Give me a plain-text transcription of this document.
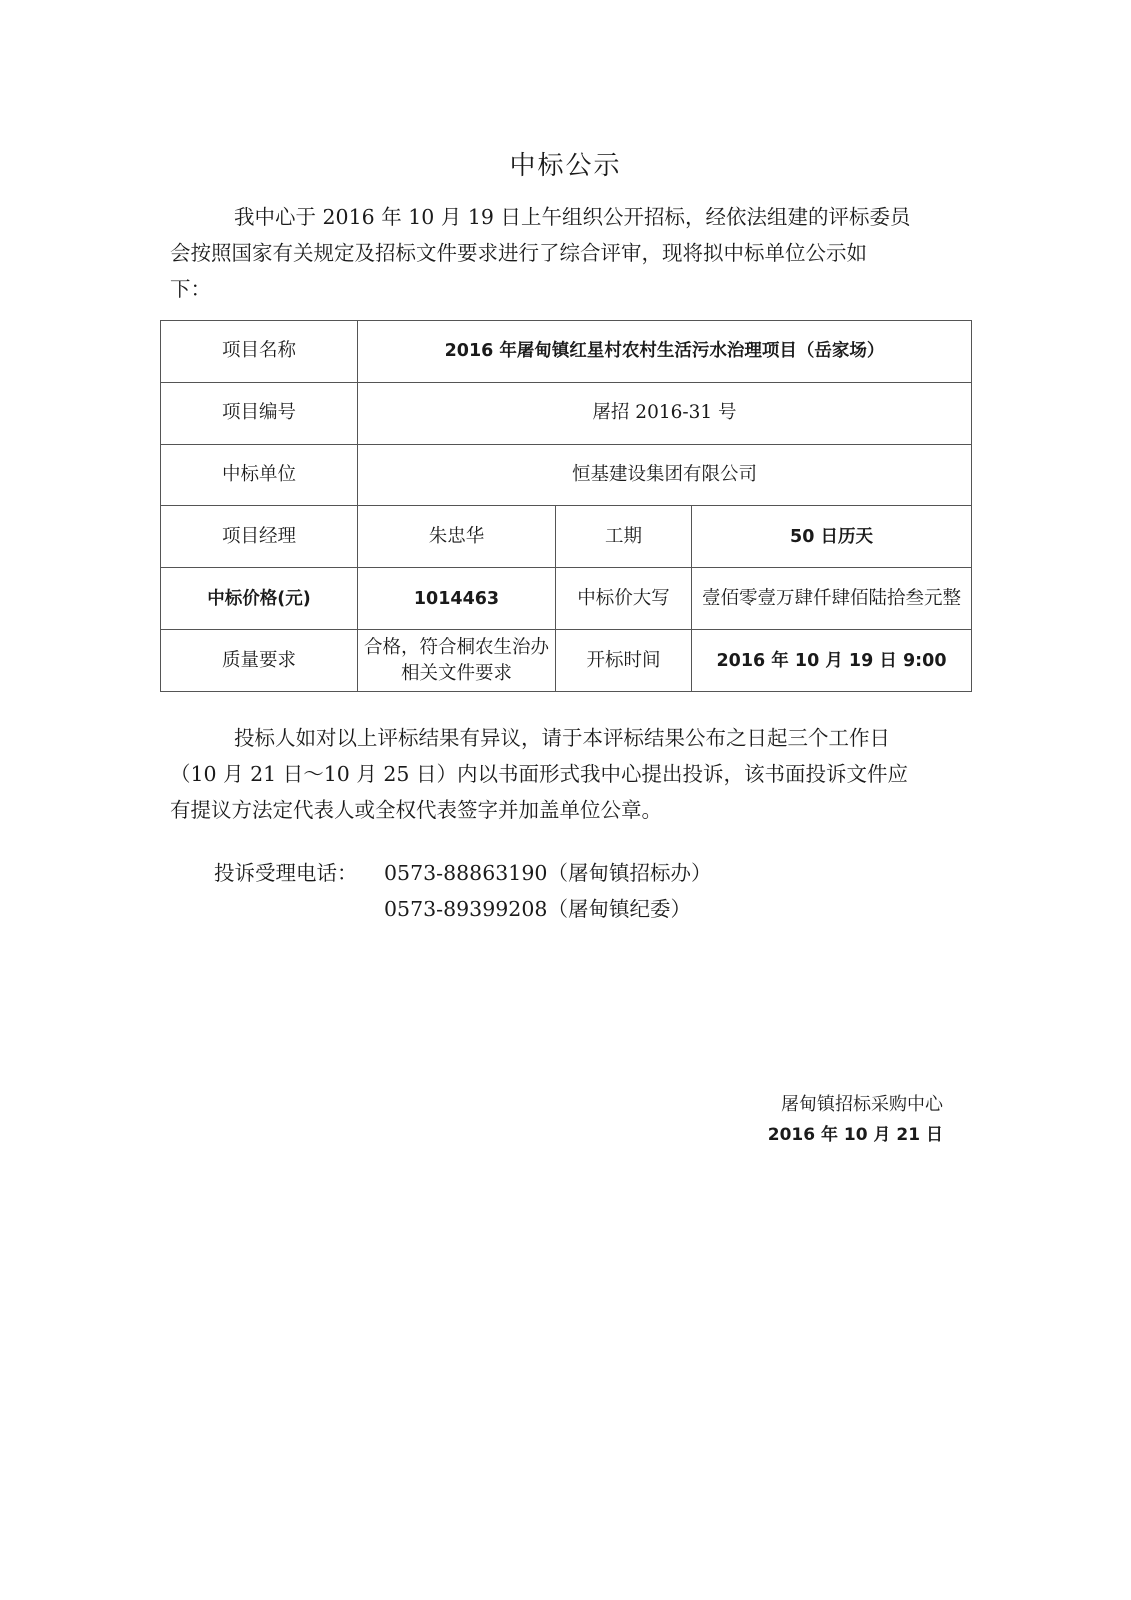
中标公示
我中心于 2016 年 10 月 19 日上午组织公开招标，经依法组建的评标委员
会按照国家有关规定及招标文件要求进行了综合评审，现将拟中标单位公示如
下：
项目名称	2016 年屠甸镇红星村农村生活污水治理项目（岳家场）		
项目编号	屠招 2016-31 号		
中标单位	恒基建设集团有限公司		
项目经理	朱忠华	工期	50 日历天
中标价格(元)	1014463	中标价大写	壹佰零壹万肆仟肆佰陆拾叁元整
质量要求	合格，符合桐农生治办相关文件要求	开标时间	2016 年 10 月 19 日 9:00
投标人如对以上评标结果有异议，请于本评标结果公布之日起三个工作日
（10 月 21 日～10 月 25 日）内以书面形式我中心提出投诉，该书面投诉文件应
有提议方法定代表人或全权代表签字并加盖单位公章。
投诉受理电话： 0573-88863190（屠甸镇招标办）
0573-89399208（屠甸镇纪委）
屠甸镇招标采购中心
2016 年 10 月 21 日
